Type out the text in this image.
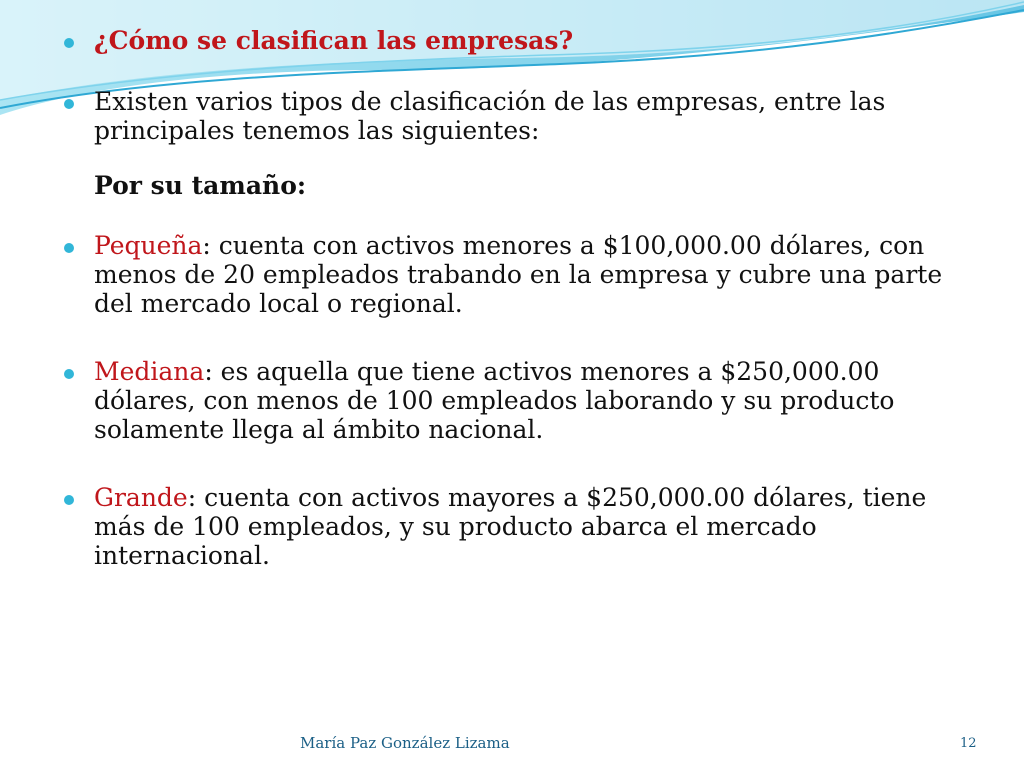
¿Cómo se clasifican las empresas?
Existen varios tipos de clasificación de las empresas, entre las principales tenemos las siguientes:
Por su tamaño:
Pequeña: cuenta con activos menores a $100,000.00 dólares, con menos de 20 empleados trabando en la empresa y cubre una parte del mercado local o regional.
Mediana: es aquella que tiene activos menores a $250,000.00 dólares, con menos de 100 empleados laborando y su producto solamente llega al ámbito nacional.
Grande: cuenta con activos mayores a $250,000.00 dólares, tiene más de 100 empleados, y su producto abarca el mercado internacional.
María Paz González Lizama	12
